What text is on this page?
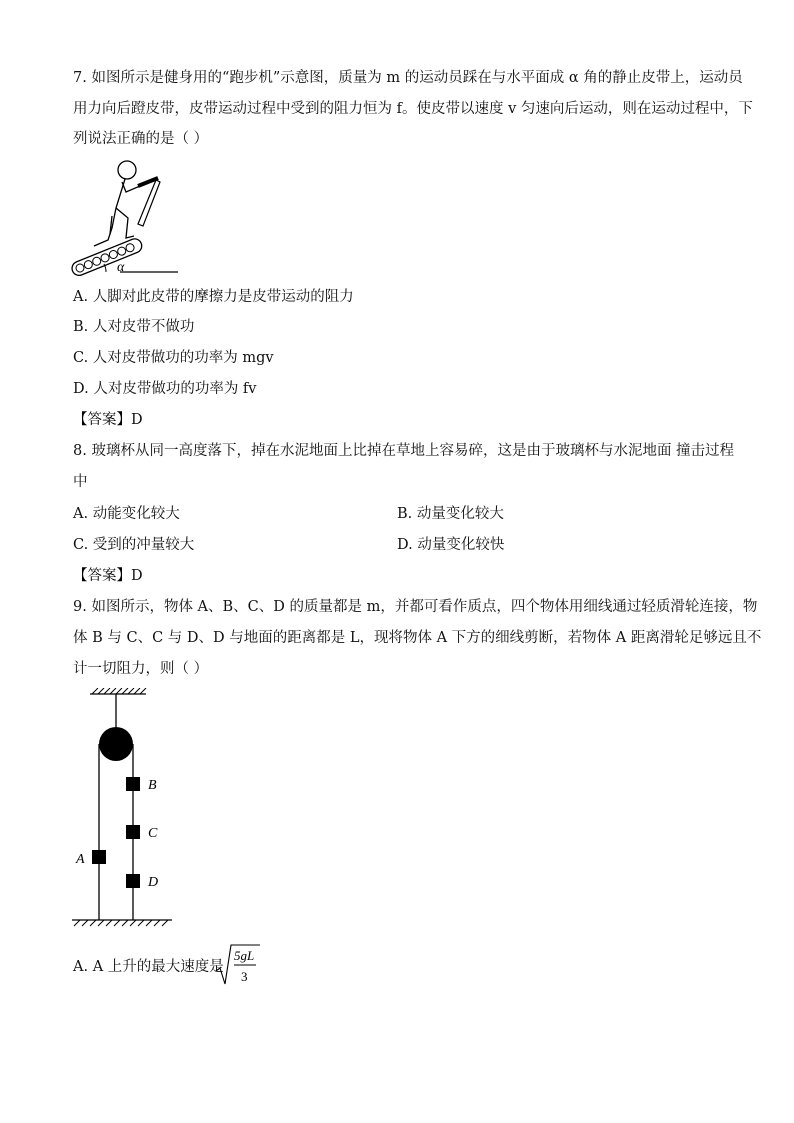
7. 如图所示是健身用的“跑步机”示意图，质量为 m 的运动员踩在与水平面成 α 角的静止皮带上，运动员
用力向后蹬皮带，皮带运动过程中受到的阻力恒为 f。使皮带以速度 v 匀速向后运动，则在运动过程中，下
列说法正确的是（ ）
α
A. 人脚对此皮带的摩擦力是皮带运动的阻力
B. 人对皮带不做功
C. 人对皮带做功的功率为 mgv
D. 人对皮带做功的功率为 fv
【答案】D
8. 玻璃杯从同一高度落下，掉在水泥地面上比掉在草地上容易碎，这是由于玻璃杯与水泥地面 撞击过程
中
A. 动能变化较大	B. 动量变化较大
C. 受到的冲量较大	D. 动量变化较快
【答案】D
9. 如图所示，物体 A、B、C、D 的质量都是 m，并都可看作质点，四个物体用细线通过轻质滑轮连接，物
体 B 与 C、C 与 D、D 与地面的距离都是 L，现将物体 A 下方的细线剪断，若物体 A 距离滑轮足够远且不
计一切阻力，则（ ）
A
B
C
D
A. A 上升的最大速度是
5gL
3
